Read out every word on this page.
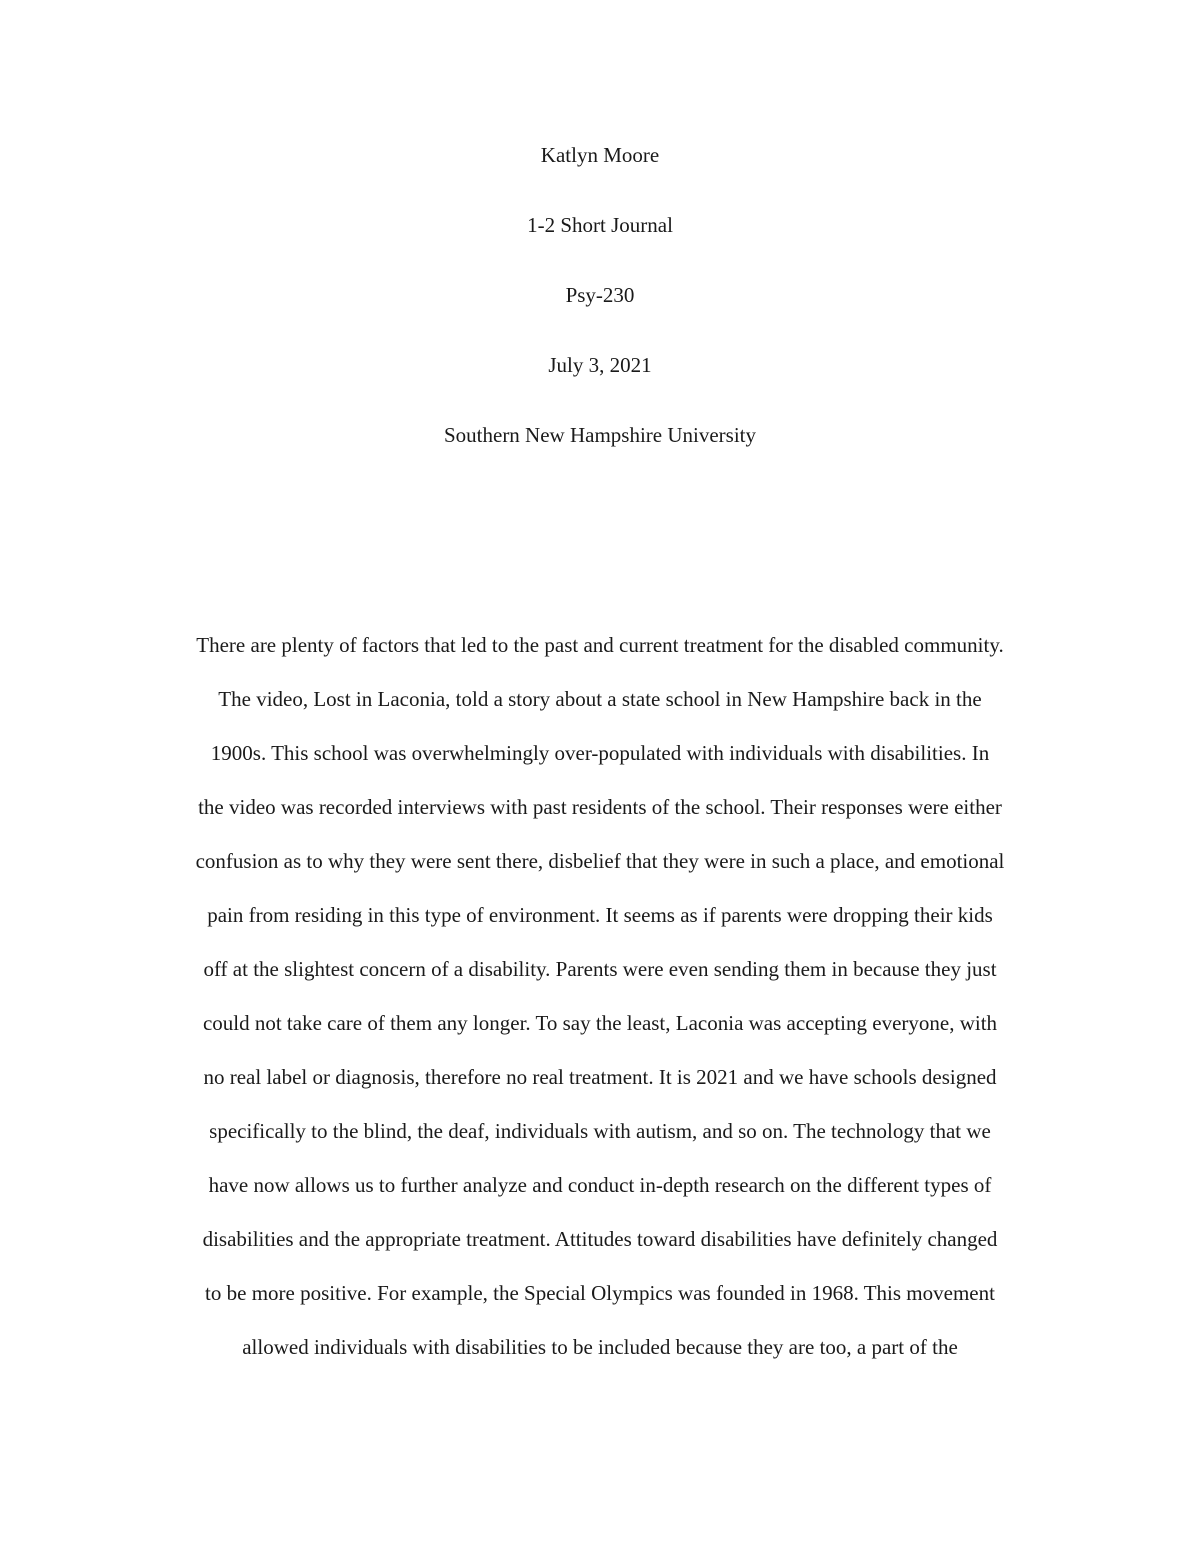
Katlyn Moore
1-2 Short Journal
Psy-230
July 3, 2021
Southern New Hampshire University
There are plenty of factors that led to the past and current treatment for the disabled community.
The video, Lost in Laconia, told a story about a state school in New Hampshire back in the
1900s. This school was overwhelmingly over-populated with individuals with disabilities. In
the video was recorded interviews with past residents of the school. Their responses were either
confusion as to why they were sent there, disbelief that they were in such a place, and emotional
pain from residing in this type of environment. It seems as if parents were dropping their kids
off at the slightest concern of a disability. Parents were even sending them in because they just
could not take care of them any longer. To say the least, Laconia was accepting everyone, with
no real label or diagnosis, therefore no real treatment. It is 2021 and we have schools designed
specifically to the blind, the deaf, individuals with autism, and so on. The technology that we
have now allows us to further analyze and conduct in-depth research on the different types of
disabilities and the appropriate treatment. Attitudes toward disabilities have definitely changed
to be more positive. For example, the Special Olympics was founded in 1968. This movement
allowed individuals with disabilities to be included because they are too, a part of the
